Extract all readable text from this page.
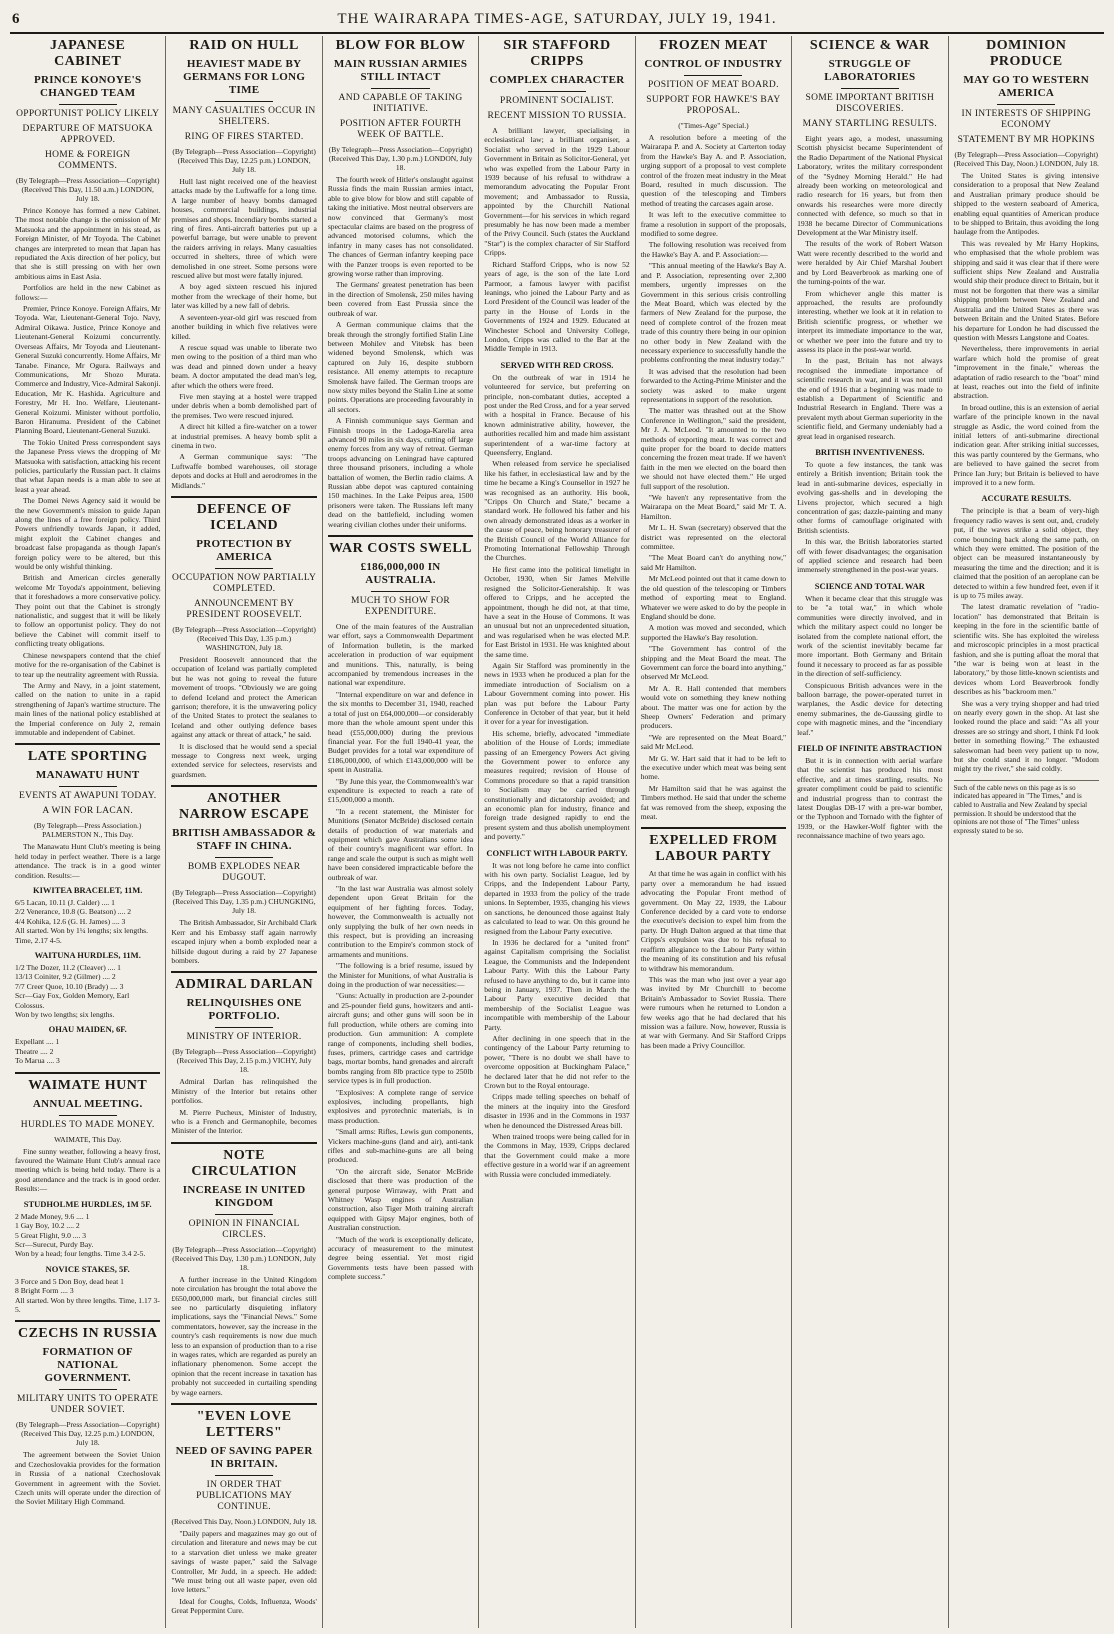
6	THE WAIRARAPA TIMES-AGE, SATURDAY, JULY 19, 1941.
JAPANESE CABINET
PRINCE KONOYE'S CHANGED TEAM
OPPORTUNIST POLICY LIKELY
DEPARTURE OF MATSUOKA APPROVED.
HOME & FOREIGN COMMENTS.
(By Telegraph—Press Association—Copyright) (Received This Day, 11.50 a.m.) LONDON, July 18.

Prince Konoye has formed a new Cabinet. The most notable change is the omission of Mr Matsuoka and the appointment in his stead, as Foreign Minister, of Mr Toyoda. The Cabinet changes are interpreted to mean that Japan has repudiated the Axis direction of her policy, but that she is still pressing on with her own ambitious aims in East Asia.

Portfolios are held in the new Cabinet as follows:—

Premier, Prince Konoye. Foreign Affairs, Mr Toyoda. War, Lieutenant-General Tojo. Navy, Admiral Oikawa. Justice, Prince Konoye and Lieutenant-General Koizumi concurrently. Overseas Affairs, Mr Toyoda and Lieutenant-General Suzuki concurrently. Home Affairs, Mr Tanabe. Finance, Mr Ogura. Railways and Communications, Mr Shozo Murata. Commerce and Industry, Vice-Admiral Sakonji. Education, Mr K. Hashida. Agriculture and Forestry, Mr H. Ino. Welfare, Lieutenant-General Koizumi. Minister without portfolio, Baron Hiranuma. President of the Cabinet Planning Board, Lieutenant-General Suzuki.

The Tokio United Press correspondent says the Japanese Press views the dropping of Mr Matsuoka with satisfaction, attacking his recent policies, particularly the Russian pact. It claims that what Japan needs is a man able to see at least a year ahead.

The Domei News Agency said it would be the new Government's mission to guide Japan along the lines of a free foreign policy. Third Powers unfriendly towards Japan, it added, might exploit the Cabinet changes and broadcast false propaganda as though Japan's foreign policy were to be altered, but this would be only wishful thinking.

British and American circles generally welcome Mr Toyoda's appointment, believing that it foreshadows a more conservative policy. They point out that the Cabinet is strongly nationalistic, and suggest that it will be likely to follow an opportunist policy. They do not believe the Cabinet will commit itself to conflicting treaty obligations.

Chinese newspapers contend that the chief motive for the re-organisation of the Cabinet is to tear up the neutrality agreement with Russia.

The Army and Navy, in a joint statement, called on the nation to unite in a rapid strengthening of Japan's wartime structure. The main lines of the national policy established at the Imperial conference on July 2, remain immutable and independent of Cabinet.

LATE SPORTING
MANAWATU HUNT
EVENTS AT AWAPUNI TODAY.
A WIN FOR LACAN.
(By Telegraph—Press Association.) PALMERSTON N., This Day.

The Manawatu Hunt Club's meeting is being held today in perfect weather. There is a large attendance. The track is in a good winter condition. Results:—

KIWITEA BRACELET, 11M.
6/5 Lacan, 10.11 (J. Calder) .... 1
2/2 Venerance, 10.8 (G. Beatson) .... 2
4/4 Kohika, 12.6 (G. H. James) .... 3
All started. Won by 1¼ lengths; six lengths. Time, 2.17 4-5.
WAITUNA HURDLES, 11M.
1/2 The Dozer, 11.2 (Cleaver) .... 1
13/13 Coiniter, 9.2 (Gilmer) .... 2
7/7 Creer Quoe, 10.10 (Brady) .... 3
Scr—Gay Fox, Golden Memory, Earl Colossus.
Won by two lengths; six lengths.
OHAU MAIDEN, 6F.
Expellant .... 1
Theatre .... 2
To Marua .... 3
WAIMATE HUNT
ANNUAL MEETING.
HURDLES TO MADE MONEY.
WAIMATE, This Day.

Fine sunny weather, following a heavy frost, favoured the Waimate Hunt Club's annual race meeting which is being held today. There is a good attendance and the track is in good order. Results:—

STUDHOLME HURDLES, 1M 5F.
2 Made Money, 9.6 .... 1
1 Gay Boy, 10.2 .... 2
5 Great Flight, 9.0 .... 3
Scr—Surecut, Purdy Bay.
Won by a head; four lengths. Time 3.4 2-5.
NOVICE STAKES, 5F.
3 Force and 5 Don Boy, dead heat 1
8 Bright Form .... 3
All started. Won by three lengths. Time, 1.17 3-5.
CZECHS IN RUSSIA
FORMATION OF NATIONAL GOVERNMENT.
MILITARY UNITS TO OPERATE UNDER SOVIET.
(By Telegraph—Press Association—Copyright) (Received This Day, 12.25 p.m.) LONDON, July 18.

The agreement between the Soviet Union and Czechoslovakia provides for the formation in Russia of a national Czechoslovak Government in agreement with the Soviet. Czech units will operate under the direction of the Soviet Military High Command.

RAID ON HULL
HEAVIEST MADE BY GERMANS FOR LONG TIME
MANY CASUALTIES OCCUR IN SHELTERS.
RING OF FIRES STARTED.
(By Telegraph—Press Association—Copyright) (Received This Day, 12.25 p.m.) LONDON, July 18.

Hull last night received one of the heaviest attacks made by the Luftwaffe for a long time. A large number of heavy bombs damaged houses, commercial buildings, industrial premises and shops. Incendiary bombs started a ring of fires. Anti-aircraft batteries put up a powerful barrage, but were unable to prevent the raiders arriving in relays. Many casualties occurred in shelters, three of which were demolished in one street. Some persons were rescued alive but most were fatally injured.

A boy aged sixteen rescued his injured mother from the wreckage of their home, but later was killed by a new fall of debris.

A seventeen-year-old girl was rescued from another building in which five relatives were killed.

A rescue squad was unable to liberate two men owing to the position of a third man who was dead and pinned down under a heavy beam. A doctor amputated the dead man's leg, after which the others were freed.

Five men staying at a hostel were trapped under debris when a bomb demolished part of the premises. Two were rescued injured.

A direct hit killed a fire-watcher on a tower at industrial premises. A heavy bomb split a cinema in two.

A German communique says: "The Luftwaffe bombed warehouses, oil storage depots and docks at Hull and aerodromes in the Midlands."

DEFENCE OF ICELAND
PROTECTION BY AMERICA
OCCUPATION NOW PARTIALLY COMPLETED.
ANNOUNCEMENT BY PRESIDENT ROOSEVELT.
(By Telegraph—Press Association—Copyright) (Received This Day, 1.35 p.m.) WASHINGTON, July 18.

President Roosevelt announced that the occupation of Iceland was partially completed but he was not going to reveal the future movement of troops. "Obviously we are going to defend Iceland and protect the American garrison; therefore, it is the unwavering policy of the United States to protect the sealanes to Iceland and other outlying defence bases against any attack or threat of attack," he said.

It is disclosed that he would send a special message to Congress next week, urging extended service for selectees, reservists and guardsmen.

ANOTHER NARROW ESCAPE
BRITISH AMBASSADOR & STAFF IN CHINA.
BOMB EXPLODES NEAR DUGOUT.
(By Telegraph—Press Association—Copyright) (Received This Day, 1.35 p.m.) CHUNGKING, July 18.

The British Ambassador, Sir Archibald Clark Kerr and his Embassy staff again narrowly escaped injury when a bomb exploded near a hillside dugout during a raid by 27 Japanese bombers.

ADMIRAL DARLAN
RELINQUISHES ONE PORTFOLIO.
MINISTRY OF INTERIOR.
(By Telegraph—Press Association—Copyright) (Received This Day, 2.15 p.m.) VICHY, July 18.

Admiral Darlan has relinquished the Ministry of the Interior but retains other portfolios.

M. Pierre Pucheux, Minister of Industry, who is a French and Germanophile, becomes Minister of the Interior.

NOTE CIRCULATION
INCREASE IN UNITED KINGDOM
OPINION IN FINANCIAL CIRCLES.
(By Telegraph—Press Association—Copyright) (Received This Day, 1.30 p.m.) LONDON, July 18.

A further increase in the United Kingdom note circulation has brought the total above the £650,000,000 mark, but financial circles still see no particularly disquieting inflatory implications, says the "Financial News." Some commentators, however, say the increase in the country's cash requirements is now due much less to an expansion of production than to a rise in wages rates, which are regarded as purely an inflationary phenomenon. Some accept the opinion that the recent increase in taxation has probably not succeeded in curtailing spending by wage earners.

"EVEN LOVE LETTERS"
NEED OF SAVING PAPER IN BRITAIN.
IN ORDER THAT PUBLICATIONS MAY CONTINUE.
(Received This Day, Noon.) LONDON, July 18.

"Daily papers and magazines may go out of circulation and literature and news may be cut to a starvation diet unless we make greater savings of waste paper," said the Salvage Controller, Mr Judd, in a speech. He added: "We must bring out all waste paper, even old love letters."

Ideal for Coughs, Colds, Influenza, Woods' Great Peppermint Cure.

BLOW FOR BLOW
MAIN RUSSIAN ARMIES STILL INTACT
AND CAPABLE OF TAKING INITIATIVE.
POSITION AFTER FOURTH WEEK OF BATTLE.
(By Telegraph—Press Association—Copyright) (Received This Day, 1.30 p.m.) LONDON, July 18.

The fourth week of Hitler's onslaught against Russia finds the main Russian armies intact, able to give blow for blow and still capable of taking the initiative. Most neutral observers are now convinced that Germany's most spectacular claims are based on the progress of advanced motorised columns, which the infantry in many cases has not consolidated. The chances of German infantry keeping pace with the Panzer troops is even reported to be growing worse rather than improving.

The Germans' greatest penetration has been in the direction of Smolensk, 250 miles having been covered from East Prussia since the outbreak of war.

A German communique claims that the break through the strongly fortified Stalin Line between Mohilev and Vitebsk has been widened beyond Smolensk, which was captured on July 16, despite stubborn resistance. All enemy attempts to recapture Smolensk have failed. The German troops are now sixty miles beyond the Stalin Line at some points. Operations are proceeding favourably in all sectors.

A Finnish communique says German and Finnish troops in the Ladoga-Karelia area advanced 90 miles in six days, cutting off large enemy forces from any way of retreat. German troops advancing on Leningrad have captured three thousand prisoners, including a whole battalion of women, the Berlin radio claims. A Russian abbe depot was captured containing 150 machines. In the Lake Peipus area, 1500 prisoners were taken. The Russians left many dead on the battlefield, including women wearing civilian clothes under their uniforms.

WAR COSTS SWELL
£186,000,000 IN AUSTRALIA.
MUCH TO SHOW FOR EXPENDITURE.

One of the main features of the Australian war effort, says a Commonwealth Department of Information bulletin, is the marked acceleration in production of war equipment and munitions. This, naturally, is being accompanied by tremendous increases in the national war expenditure.

"Internal expenditure on war and defence in the six months to December 31, 1940, reached a total of just on £64,000,000—or considerably more than the whole amount spent under this head (£55,000,000) during the previous financial year. For the full 1940-41 year, the Budget provides for a total war expenditure of £186,000,000, of which £143,000,000 will be spent in Australia.

"By June this year, the Commonwealth's war expenditure is expected to reach a rate of £15,000,000 a month.

"In a recent statement, the Minister for Munitions (Senator McBride) disclosed certain details of production of war materials and equipment which gave Australians some idea of their country's magnificent war effort. In range and scale the output is such as might well have been considered impracticable before the outbreak of war.

"In the last war Australia was almost solely dependent upon Great Britain for the equipment of her fighting forces. Today, however, the Commonwealth is actually not only supplying the bulk of her own needs in this respect, but is providing an increasing contribution to the Empire's common stock of armaments and munitions.

"The following is a brief resume, issued by the Minister for Munitions, of what Australia is doing in the production of war necessities:—

"Guns: Actually in production are 2-pounder and 25-pounder field guns, howitzers and anti-aircraft guns; and other guns will soon be in full production, while others are coming into production. Gun ammunition: A complete range of components, including shell bodies, fuses, primers, cartridge cases and cartridge bags, mortar bombs, hand grenades and aircraft bombs ranging from 8lb practice type to 250lb service types is in full production.

"Explosives: A complete range of service explosives, including propellants, high explosives and pyrotechnic materials, is in mass production.

"Small arms: Rifles, Lewis gun components, Vickers machine-guns (land and air), anti-tank rifles and sub-machine-guns are all being produced.

"On the aircraft side, Senator McBride disclosed that there was production of the general purpose Wirraway, with Pratt and Whitney Wasp engines of Australian construction, also Tiger Moth training aircraft equipped with Gipsy Major engines, both of Australian construction.

"Much of the work is exceptionally delicate, accuracy of measurement to the minutest degree being essential. Yet most rigid Governments tests have been passed with complete success."

SIR STAFFORD CRIPPS
COMPLEX CHARACTER
PROMINENT SOCIALIST.
RECENT MISSION TO RUSSIA.

A brilliant lawyer, specialising in ecclesiastical law; a brilliant organiser, a Socialist who served in the 1929 Labour Government in Britain as Solicitor-General, yet who was expelled from the Labour Party in 1939 because of his refusal to withdraw a memorandum advocating the Popular Front movement; and Ambassador to Russia, appointed by the Churchill National Government—for his services in which regard presumably he has now been made a member of the Privy Council. Such (states the Auckland "Star") is the complex character of Sir Stafford Cripps.

Richard Stafford Cripps, who is now 52 years of age, is the son of the late Lord Parmoor, a famous lawyer with pacifist leanings, who joined the Labour Party and as Lord President of the Council was leader of the party in the House of Lords in the Governments of 1924 and 1929. Educated at Winchester School and University College, London, Cripps was called to the Bar at the Middle Temple in 1913.

SERVED WITH RED CROSS.

On the outbreak of war in 1914 he volunteered for service, but preferring on principle, non-combatant duties, accepted a post under the Red Cross, and for a year served with a hospital in France. Because of his known administrative ability, however, the authorities recalled him and made him assistant superintendent of a war-time factory at Queensferry, England.

When released from service he specialised like his father, in ecclesiastical law and by the time he became a King's Counsellor in 1927 he was recognised as an authority. His book, "Cripps On Church and State," became a standard work. He followed his father and his own already demonstrated ideas as a worker in the cause of peace, being honorary treasurer of the British Council of the World Alliance for Promoting International Fellowship Through the Churches.

He first came into the political limelight in October, 1930, when Sir James Melville resigned the Solicitor-Generalship. It was offered to Cripps, and he accepted the appointment, though he did not, at that time, have a seat in the House of Commons. It was an unusual but not an unprecedented situation, and was regularised when he was elected M.P. for East Bristol in 1931. He was knighted about the same time.

Again Sir Stafford was prominently in the news in 1933 when he produced a plan for the immediate introduction of Socialism on a Labour Government coming into power. His plan was put before the Labour Party Conference in October of that year, but it held it over for a year for investigation.

His scheme, briefly, advocated "immediate abolition of the House of Lords; immediate passing of an Emergency Powers Act giving the Government power to enforce any measures required; revision of House of Commons procedure so that a rapid transition to Socialism may be carried through constitutionally and dictatorship avoided; and an economic plan for industry, finance and foreign trade designed rapidly to end the present system and thus abolish unemployment and poverty."

CONFLICT WITH LABOUR PARTY.

It was not long before he came into conflict with his own party. Socialist League, led by Cripps, and the Independent Labour Party, departed in 1933 from the policy of the trade unions. In September, 1935, changing his views on sanctions, he denounced those against Italy as calculated to lead to war. On this ground he resigned from the Labour Party executive.

In 1936 he declared for a "united front" against Capitalism comprising the Socialist League, the Communists and the Independent Labour Party. With this the Labour Party refused to have anything to do, but it came into being in January, 1937. Then in March the Labour Party executive decided that membership of the Socialist League was incompatible with membership of the Labour Party.

After declining in one speech that in the contingency of the Labour Party returning to power, "There is no doubt we shall have to overcome opposition at Buckingham Palace," he declared later that he did not refer to the Crown but to the Royal entourage.

Cripps made telling speeches on behalf of the miners at the inquiry into the Gresford disaster in 1936 and in the Commons in 1937 when he denounced the Distressed Areas bill.

When trained troops were being called for in the Commons in May, 1939, Cripps declared that the Government could make a more effective gesture in a world war if an agreement with Russia were concluded immediately.

FROZEN MEAT
CONTROL OF INDUSTRY
POSITION OF MEAT BOARD.
SUPPORT FOR HAWKE'S BAY PROPOSAL.
("Times-Age" Special.)

A resolution before a meeting of the Wairarapa P. and A. Society at Carterton today from the Hawke's Bay A. and P. Association, urging support of a proposal to vest complete control of the frozen meat industry in the Meat Board, resulted in much discussion. The question of the telescoping and Timbers method of treating the carcases again arose.

It was left to the executive committee to frame a resolution in support of the proposals, modified to some degree.

The following resolution was received from the Hawke's Bay A. and P. Association:—

"This annual meeting of the Hawke's Bay A. and P. Association, representing over 2,300 members, urgently impresses on the Government in this serious crisis controlling the Meat Board, which was elected by the farmers of New Zealand for the purpose, the need of complete control of the frozen meat trade of this country there being in our opinion no other body in New Zealand with the necessary experience to successfully handle the problems confronting the meat industry today."

It was advised that the resolution had been forwarded to the Acting-Prime Minister and the society was asked to make urgent representations in support of the resolution.

The matter was thrashed out at the Show Conference in Wellington," said the president, Mr J. A. McLeod. "It amounted to the two methods of exporting meat. It was correct and quite proper for the board to decide matters concerning the frozen meat trade. If we haven't faith in the men we elected on the board then we should not have elected them." He urged full support of the resolution.

"We haven't any representative from the Wairarapa on the Meat Board," said Mr T. A. Hamilton.

Mr L. H. Swan (secretary) observed that the district was represented on the electoral committee.

"The Meat Board can't do anything now," said Mr Hamilton.

Mr McLeod pointed out that it came down to the old question of the telescoping or Timbers method of exporting meat to England. Whatever we were asked to do by the people in England should be done.

A motion was moved and seconded, which supported the Hawke's Bay resolution.

"The Government has control of the shipping and the Meat Board the meat. The Government can force the board into anything," observed Mr McLeod.

Mr A. R. Hall contended that members would vote on something they knew nothing about. The matter was one for action by the Sheep Owners' Federation and primary producers.

"We are represented on the Meat Board," said Mr McLeod.

Mr G. W. Hart said that it had to be left to the executive under which meat was being sent home.

Mr Hamilton said that he was against the Timbers method. He said that under the scheme fat was removed from the sheep, exposing the meat.

EXPELLED FROM LABOUR PARTY

At that time he was again in conflict with his party over a memorandum he had issued advocating the Popular Front method of government. On May 22, 1939, the Labour Conference decided by a card vote to endorse the executive's decision to expel him from the party. Dr Hugh Dalton argued at that time that Cripps's expulsion was due to his refusal to reaffirm allegiance to the Labour Party within the meaning of its constitution and his refusal to withdraw his memorandum.

This was the man who just over a year ago was invited by Mr Churchill to become Britain's Ambassador to Soviet Russia. There were rumours when he returned to London a few weeks ago that he had declared that his mission was a failure. Now, however, Russia is at war with Germany. And Sir Stafford Cripps has been made a Privy Councillor.

SCIENCE & WAR
STRUGGLE OF LABORATORIES
SOME IMPORTANT BRITISH DISCOVERIES.
MANY STARTLING RESULTS.

Eight years ago, a modest, unassuming Scottish physicist became Superintendent of the Radio Department of the National Physical Laboratory, writes the military correspondent of the "Sydney Morning Herald." He had already been working on meteorological and radio research for 16 years, but from then onwards his researches were more directly connected with defence, so much so that in 1938 he became Director of Communications Development at the War Ministry itself.

The results of the work of Robert Watson Watt were recently described to the world and were heralded by Air Chief Marshal Joubert and by Lord Beaverbrook as marking one of the turning-points of the war.

From whichever angle this matter is approached, the results are profoundly interesting, whether we look at it in relation to British scientific progress, or whether we interpret its immediate importance to the war, or whether we peer into the future and try to assess its place in the post-war world.

In the past, Britain has not always recognised the immediate importance of scientific research in war, and it was not until the end of 1916 that a beginning was made to establish a Department of Scientific and Industrial Research in England. There was a prevalent myth about German superiority in the scientific field, and Germany undeniably had a great lead in organised research.

BRITISH INVENTIVENESS.

To quote a few instances, the tank was entirely a British invention; Britain took the lead in anti-submarine devices, especially in evolving gas-shells and in developing the Livens projector, which secured a high concentration of gas; dazzle-painting and many other forms of camouflage originated with British scientists.

In this war, the British laboratories started off with fewer disadvantages; the organisation of applied science and research had been immensely strengthened in the post-war years.

SCIENCE AND TOTAL WAR

When it became clear that this struggle was to be "a total war," in which whole communities were directly involved, and in which the military aspect could no longer be isolated from the complete national effort, the work of the scientist inevitably became far more important. Both Germany and Britain found it necessary to proceed as far as possible in the direction of self-sufficiency.

Conspicuous British advances were in the balloon barrage, the power-operated turret in warplanes, the Asdic device for detecting enemy submarines, the de-Gaussing girdle to cope with magnetic mines, and the "incendiary leaf."

FIELD OF INFINITE ABSTRACTION

But it is in connection with aerial warfare that the scientist has produced his most effective, and at times startling, results. No greater compliment could be paid to scientific and industrial progress than to contrast the latest Douglas DB-17 with a pre-war bomber, or the Typhoon and Tornado with the fighter of 1939, or the Hawker-Wolf fighter with the reconnaissance machine of two years ago.

DOMINION PRODUCE
MAY GO TO WESTERN AMERICA
IN INTERESTS OF SHIPPING ECONOMY
STATEMENT BY MR HOPKINS
(By Telegraph—Press Association—Copyright) (Received This Day, Noon.) LONDON, July 18.

The United States is giving intensive consideration to a proposal that New Zealand and Australian primary produce should be shipped to the western seaboard of America, enabling equal quantities of American produce to be shipped to Britain, thus avoiding the long haulage from the Antipodes.

This was revealed by Mr Harry Hopkins, who emphasised that the whole problem was shipping and said it was clear that if there were sufficient ships New Zealand and Australia would ship their produce direct to Britain, but it must not be forgotten that there was a similar shipping problem between New Zealand and Australia and the United States as there was between Britain and the United States. Before his departure for London he had discussed the question with Messrs Langstone and Coates.

Nevertheless, there improvements in aerial warfare which hold the promise of great "improvement in the finale," whereas the adaptation of radio research to the "boat" mind at least, reaches out into the field of infinite abstraction.

In broad outline, this is an extension of aerial warfare of the principle known in the naval struggle as Asdic, the word coined from the initial letters of anti-submarine directional indication gear. After striking initial successes, this was partly countered by the Germans, who are believed to have gained the secret from Prince Ian Jury; but Britain is believed to have improved it to a new form.

ACCURATE RESULTS.

The principle is that a beam of very-high frequency radio waves is sent out, and, crudely put, if the waves strike a solid object, they come bouncing back along the same path, on which they were emitted. The position of the object can be measured instantaneously by measuring the time and the direction; and it is claimed that the position of an aeroplane can be detected to within a few hundred feet, even if it is up to 75 miles away.

The latest dramatic revelation of "radio-location" has demonstrated that Britain is keeping in the fore in the scientific battle of scientific wits. She has exploited the wireless and microscopic principles in a most practical fashion, and she is putting afloat the moral that "the war is being won at least in the laboratory," by those little-known scientists and devices whom Lord Beaverbrook fondly describes as his "backroom men."

She was a very trying shopper and had tried on nearly every gown in the shop. At last she looked round the place and said: "As all your dresses are so stringy and short, I think I'd look better in something flowing." The exhausted saleswoman had been very patient up to now, but she could stand it no longer. "Modom might try the river," she said coldly.

Such of the cable news on this page as is so indicated has appeared in "The Times," and is cabled to Australia and New Zealand by special permission. It should be understood that the opinions are not those of "The Times" unless expressly stated to be so.
